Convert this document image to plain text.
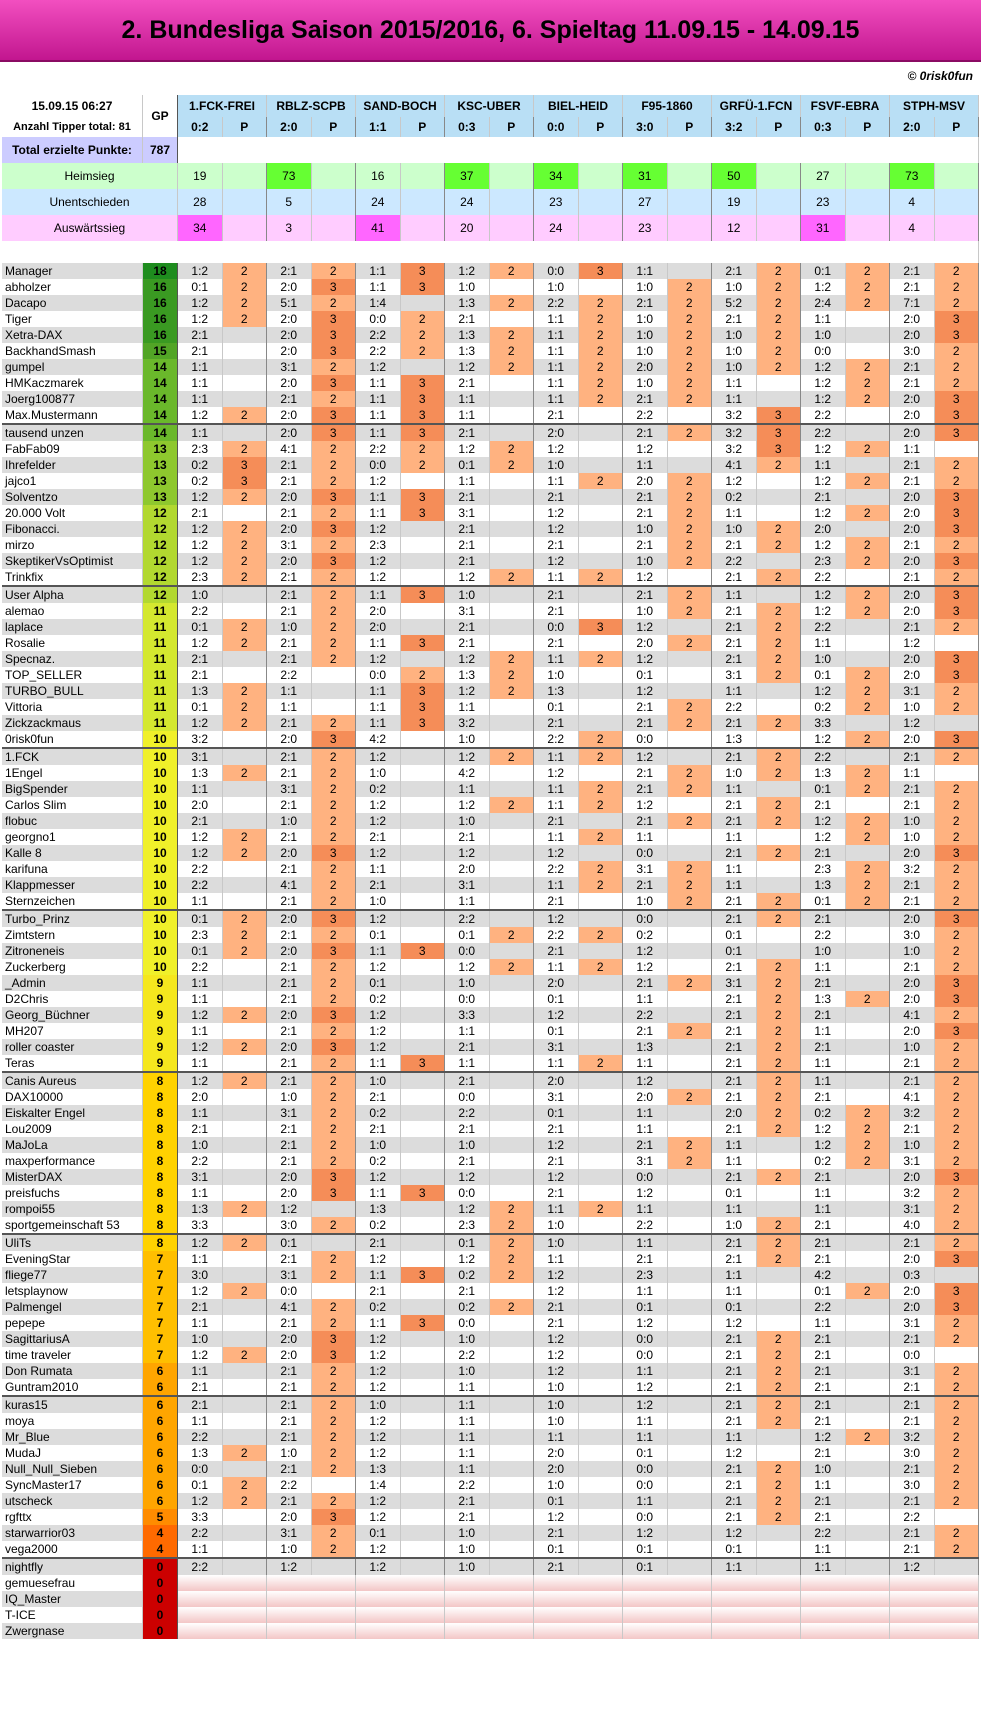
2. Bundesliga Saison 2015/2016, 6. Spieltag 11.09.15 - 14.09.15
© 0risk0fun
15.09.15 06:27	GP	1.FCK-FREI		RBLZ-SCPB		SAND-BOCH		KSC-UBER		BIEL-HEID		F95-1860		GRFÜ-1.FCN		FSVF-EBRA		STPH-MSV	
Anzahl Tipper total: 81		0:2	P	2:0	P	1:1	P	0:3	P	0:0	P	3:0	P	3:2	P	0:3	P	2:0	P
Total erzielte Punkte:	787																		
Heimsieg		19		73		16		37		34		31		50		27		73	
Unentschieden		28		5		24		24		23		27		19		23		4	
Auswärtssieg		34		3		41		20		24		23		12		31		4	

Manager	18	1:2	2	2:1	2	1:1	3	1:2	2	0:0	3	1:1		2:1	2	0:1	2	2:1	2
abholzer	16	0:1	2	2:0	3	1:1	3	1:0		1:0		1:0	2	1:0	2	1:2	2	2:1	2
Dacapo	16	1:2	2	5:1	2	1:4		1:3	2	2:2	2	2:1	2	5:2	2	2:4	2	7:1	2
Tiger	16	1:2	2	2:0	3	0:0	2	2:1		1:1	2	1:0	2	2:1	2	1:1		2:0	3
Xetra-DAX	16	2:1		2:0	3	2:2	2	1:3	2	1:1	2	1:0	2	1:0	2	1:0		2:0	3
BackhandSmash	15	2:1		2:0	3	2:2	2	1:3	2	1:1	2	1:0	2	1:0	2	0:0		3:0	2
gumpel	14	1:1		3:1	2	1:2		1:2	2	1:1	2	2:0	2	1:0	2	1:2	2	2:1	2
HMKaczmarek	14	1:1		2:0	3	1:1	3	2:1		1:1	2	1:0	2	1:1		1:2	2	2:1	2
Joerg100877	14	1:1		2:1	2	1:1	3	1:1		1:1	2	2:1	2	1:1		1:2	2	2:0	3
Max.Mustermann	14	1:2	2	2:0	3	1:1	3	1:1		2:1		2:2		3:2	3	2:2		2:0	3
tausend unzen	14	1:1		2:0	3	1:1	3	2:1		2:0		2:1	2	3:2	3	2:2		2:0	3
FabFab09	13	2:3	2	4:1	2	2:2	2	1:2	2	1:2		1:2		3:2	3	1:2	2	1:1	
Ihrefelder	13	0:2	3	2:1	2	0:0	2	0:1	2	1:0		1:1		4:1	2	1:1		2:1	2
jajco1	13	0:2	3	2:1	2	1:2		1:1		1:1	2	2:0	2	1:2		1:2	2	2:1	2
Solventzo	13	1:2	2	2:0	3	1:1	3	2:1		2:1		2:1	2	0:2		2:1		2:0	3
20.000 Volt	12	2:1		2:1	2	1:1	3	3:1		1:2		2:1	2	1:1		1:2	2	2:0	3
Fibonacci.	12	1:2	2	2:0	3	1:2		2:1		1:2		1:0	2	1:0	2	2:0		2:0	3
mirzo	12	1:2	2	3:1	2	2:3		2:1		2:1		2:1	2	2:1	2	1:2	2	2:1	2
SkeptikerVsOptimist	12	1:2	2	2:0	3	1:2		2:1		1:2		1:0	2	2:2		2:3	2	2:0	3
Trinkfix	12	2:3	2	2:1	2	1:2		1:2	2	1:1	2	1:2		2:1	2	2:2		2:1	2
User Alpha	12	1:0		2:1	2	1:1	3	1:0		2:1		2:1	2	1:1		1:2	2	2:0	3
alemao	11	2:2		2:1	2	2:0		3:1		2:1		1:0	2	2:1	2	1:2	2	2:0	3
laplace	11	0:1	2	1:0	2	2:0		2:1		0:0	3	1:2		2:1	2	2:2		2:1	2
Rosalie	11	1:2	2	2:1	2	1:1	3	2:1		2:1		2:0	2	2:1	2	1:1		1:2	
Specnaz.	11	2:1		2:1	2	1:2		1:2	2	1:1	2	1:2		2:1	2	1:0		2:0	3
TOP_SELLER	11	2:1		2:2		0:0	2	1:3	2	1:0		0:1		3:1	2	0:1	2	2:0	3
TURBO_BULL	11	1:3	2	1:1		1:1	3	1:2	2	1:3		1:2		1:1		1:2	2	3:1	2
Vittoria	11	0:1	2	1:1		1:1	3	1:1		0:1		2:1	2	2:2		0:2	2	1:0	2
Zickzackmaus	11	1:2	2	2:1	2	1:1	3	3:2		2:1		2:1	2	2:1	2	3:3		1:2	
0risk0fun	10	3:2		2:0	3	4:2		1:0		2:2	2	0:0		1:3		1:2	2	2:0	3
1.FCK	10	3:1		2:1	2	1:2		1:2	2	1:1	2	1:2		2:1	2	2:2		2:1	2
1Engel	10	1:3	2	2:1	2	1:0		4:2		1:2		2:1	2	1:0	2	1:3	2	1:1	
BigSpender	10	1:1		3:1	2	0:2		1:1		1:1	2	2:1	2	1:1		0:1	2	2:1	2
Carlos Slim	10	2:0		2:1	2	1:2		1:2	2	1:1	2	1:2		2:1	2	2:1		2:1	2
flobuc	10	2:1		1:0	2	1:2		1:0		2:1		2:1	2	2:1	2	1:2	2	1:0	2
georgno1	10	1:2	2	2:1	2	2:1		2:1		1:1	2	1:1		1:1		1:2	2	1:0	2
Kalle 8	10	1:2	2	2:0	3	1:2		1:2		1:2		0:0		2:1	2	2:1		2:0	3
karifuna	10	2:2		2:1	2	1:1		2:0		2:2	2	3:1	2	1:1		2:3	2	3:2	2
Klappmesser	10	2:2		4:1	2	2:1		3:1		1:1	2	2:1	2	1:1		1:3	2	2:1	2
Sternzeichen	10	1:1		2:1	2	1:0		1:1		2:1		1:0	2	2:1	2	0:1	2	2:1	2
Turbo_Prinz	10	0:1	2	2:0	3	1:2		2:2		1:2		0:0		2:1	2	2:1		2:0	3
Zimtstern	10	2:3	2	2:1	2	0:1		0:1	2	2:2	2	0:2		0:1		2:2		3:0	2
Zitroneneis	10	0:1	2	2:0	3	1:1	3	0:0		2:1		1:2		0:1		1:0		1:0	2
Zuckerberg	10	2:2		2:1	2	1:2		1:2	2	1:1	2	1:2		2:1	2	1:1		2:1	2
_Admin	9	1:1		2:1	2	0:1		1:0		2:0		2:1	2	3:1	2	2:1		2:0	3
D2Chris	9	1:1		2:1	2	0:2		0:0		0:1		1:1		2:1	2	1:3	2	2:0	3
Georg_Büchner	9	1:2	2	2:0	3	1:2		3:3		1:2		2:2		2:1	2	2:1		4:1	2
MH207	9	1:1		2:1	2	1:2		1:1		0:1		2:1	2	2:1	2	1:1		2:0	3
roller coaster	9	1:2	2	2:0	3	1:2		2:1		3:1		1:3		2:1	2	2:1		1:0	2
Teras	9	1:1		2:1	2	1:1	3	1:1		1:1	2	1:1		2:1	2	1:1		2:1	2
Canis Aureus	8	1:2	2	2:1	2	1:0		2:1		2:0		1:2		2:1	2	1:1		2:1	2
DAX10000	8	2:0		1:0	2	2:1		0:0		3:1		2:0	2	2:1	2	2:1		4:1	2
Eiskalter Engel	8	1:1		3:1	2	0:2		2:2		0:1		1:1		2:0	2	0:2	2	3:2	2
Lou2009	8	2:1		2:1	2	2:1		2:1		2:1		1:1		2:1	2	1:2	2	2:1	2
MaJoLa	8	1:0		2:1	2	1:0		1:0		1:2		2:1	2	1:1		1:2	2	1:0	2
maxperformance	8	2:2		2:1	2	0:2		2:1		2:1		3:1	2	1:1		0:2	2	3:1	2
MisterDAX	8	3:1		2:0	3	1:2		1:2		1:2		0:0		2:1	2	2:1		2:0	3
preisfuchs	8	1:1		2:0	3	1:1	3	0:0		2:1		1:2		0:1		1:1		3:2	2
rompoi55	8	1:3	2	1:2		1:3		1:2	2	1:1	2	1:1		1:1		1:1		3:1	2
sportgemeinschaft 53	8	3:3		3:0	2	0:2		2:3	2	1:0		2:2		1:0	2	2:1		4:0	2
UliTs	8	1:2	2	0:1		2:1		0:1	2	1:0		1:1		2:1	2	2:1		2:1	2
EveningStar	7	1:1		2:1	2	1:2		1:2	2	1:1		2:1		2:1	2	2:1		2:0	3
fliege77	7	3:0		3:1	2	1:1	3	0:2	2	1:2		2:3		1:1		4:2		0:3	
letsplaynow	7	1:2	2	0:0		2:1		2:1		1:2		1:1		1:1		0:1	2	2:0	3
Palmengel	7	2:1		4:1	2	0:2		0:2	2	2:1		0:1		0:1		2:2		2:0	3
pepepe	7	1:1		2:1	2	1:1	3	0:0		2:1		1:2		1:2		1:1		3:1	2
SagittariusA	7	1:0		2:0	3	1:2		1:0		1:2		0:0		2:1	2	2:1		2:1	2
time traveler	7	1:2	2	2:0	3	1:2		2:2		1:2		0:0		2:1	2	2:1		0:0	
Don Rumata	6	1:1		2:1	2	1:2		1:0		1:2		1:1		2:1	2	2:1		3:1	2
Guntram2010	6	2:1		2:1	2	1:2		1:1		1:0		1:2		2:1	2	2:1		2:1	2
kuras15	6	2:1		2:1	2	1:0		1:1		1:0		1:2		2:1	2	2:1		2:1	2
moya	6	1:1		2:1	2	1:2		1:1		1:0		1:1		2:1	2	2:1		2:1	2
Mr_Blue	6	2:2		2:1	2	1:2		1:1		1:1		1:1		1:1		1:2	2	3:2	2
MudaJ	6	1:3	2	1:0	2	1:2		1:1		2:0		0:1		1:2		2:1		3:0	2
Null_Null_Sieben	6	0:0		2:1	2	1:3		1:1		2:0		0:0		2:1	2	1:0		2:1	2
SyncMaster17	6	0:1	2	2:2		1:4		2:2		1:0		0:0		2:1	2	1:1		3:0	2
utscheck	6	1:2	2	2:1	2	1:2		2:1		0:1		1:1		2:1	2	2:1		2:1	2
rgfttx	5	3:3		2:0	3	1:2		2:1		1:2		0:0		2:1	2	2:1		2:2	
starwarrior03	4	2:2		3:1	2	0:1		1:0		2:1		1:2		1:2		2:2		2:1	2
vega2000	4	1:1		1:0	2	1:2		1:0		0:1		0:1		0:1		1:1		2:1	2
nightfly	0	2:2		1:2		1:2		1:0		2:1		0:1		1:1		1:1		1:2	
gemuesefrau	0																		
IQ_Master	0																		
T-ICE	0																		
Zwergnase	0																		
